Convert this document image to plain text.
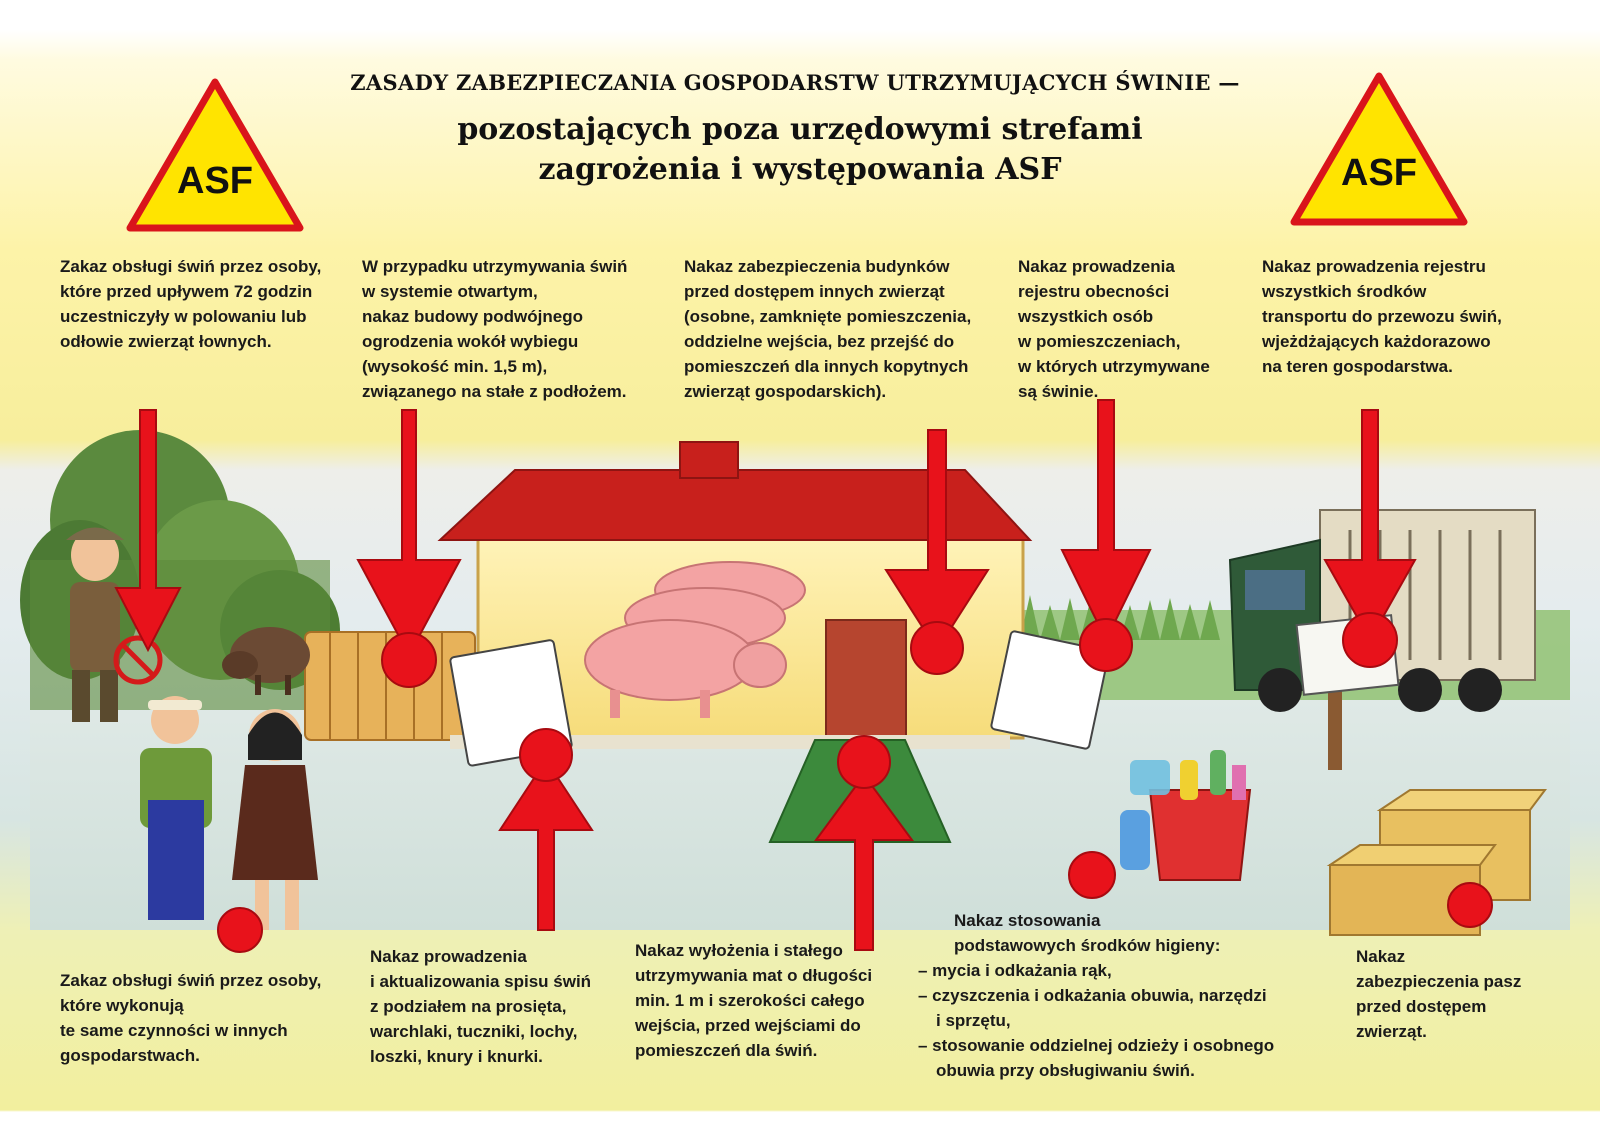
ZASADY ZABEZPIECZANIA GOSPODARSTW UTRZYMUJĄCYCH ŚWINIE —
pozostających poza urzędowymi strefami
zagrożenia i występowania ASF
ASF	ASF
Zakaz obsługi świń przez osoby,
które przed upływem 72 godzin
uczestniczyły w polowaniu lub
odłowie zwierząt łownych.
W przypadku utrzymywania świń
w systemie otwartym,
nakaz budowy podwójnego
ogrodzenia wokół wybiegu
(wysokość min. 1,5 m),
związanego na stałe z podłożem.
Nakaz zabezpieczenia budynków
przed dostępem innych zwierząt
(osobne, zamknięte pomieszczenia,
oddzielne wejścia, bez przejść do
pomieszczeń dla innych kopytnych
zwierząt gospodarskich).
Nakaz prowadzenia
rejestru obecności
wszystkich osób
w pomieszczeniach,
w których utrzymywane
są świnie.
Nakaz prowadzenia rejestru
wszystkich środków
transportu do przewozu świń,
wjeżdżających każdorazowo
na teren gospodarstwa.
Zakaz obsługi świń przez osoby,
które wykonują
te same czynności w innych
gospodarstwach.
Nakaz prowadzenia
i aktualizowania spisu świń
z podziałem na prosięta,
warchlaki, tuczniki, lochy,
loszki, knury i knurki.
Nakaz wyłożenia i stałego
utrzymywania mat o długości
min. 1 m i szerokości całego
wejścia, przed wejściami do
pomieszczeń dla świń.
Nakaz stosowania
podstawowych środków higieny:
– mycia i odkażania rąk,
– czyszczenia i odkażania obuwia, narzędzi
i sprzętu,
– stosowanie oddzielnej odzieży i osobnego
obuwia przy obsługiwaniu świń.
Nakaz
zabezpieczenia pasz
przed dostępem
zwierząt.
